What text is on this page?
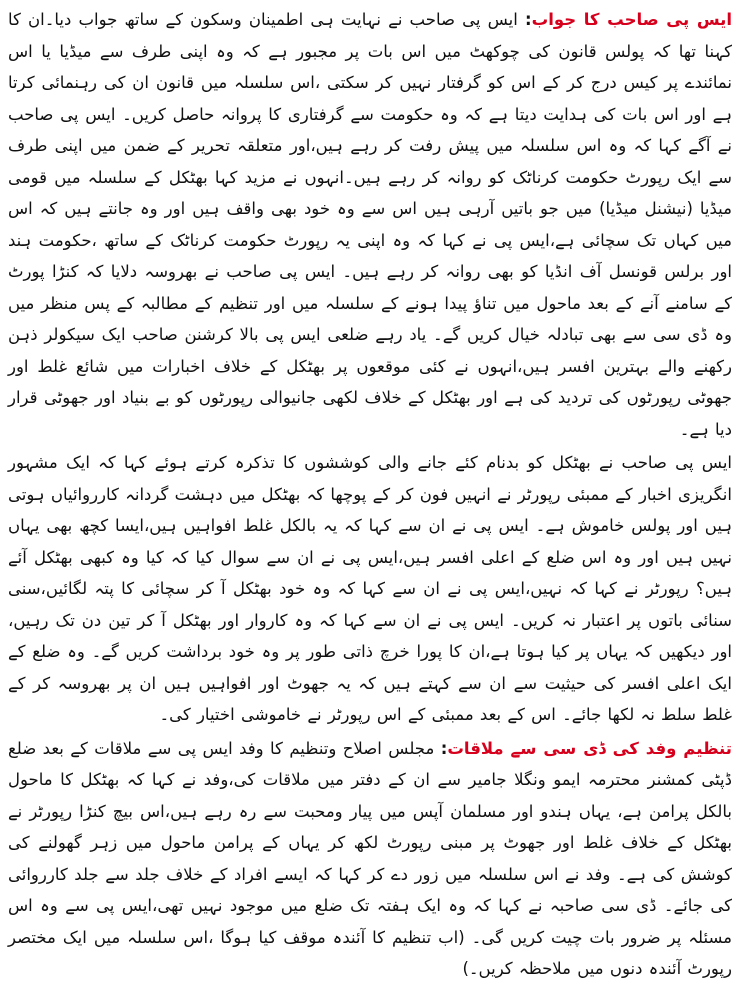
ایس پی صاحب کا جواب: ایس پی صاحب نے نہایت ہی اطمینان وسکون کے ساتھ جواب دیا۔ان کا کہنا تھا کہ پولس قانون کی چوکھٹ میں اس بات پر مجبور ہے کہ وہ اپنی طرف سے میڈیا یا اس نمائندے پر کیس درج کر کے اس کو گرفتار نہیں کر سکتی ،اس سلسلہ میں قانون ان کی رہنمائی کرتا ہے اور اس بات کی ہدایت دیتا ہے کہ وہ حکومت سے گرفتاری کا پروانہ حاصل کریں۔ ایس پی صاحب نے آگے کہا کہ وہ اس سلسلہ میں پیش رفت کر رہے ہیں،اور متعلقہ تحریر کے ضمن میں اپنی طرف سے ایک رپورٹ حکومت کرناٹک کو روانہ کر رہے ہیں۔انہوں نے مزید کہا بھٹکل کے سلسلہ میں قومی میڈیا (نیشنل میڈیا) میں جو باتیں آرہی ہیں اس سے وہ خود بھی واقف ہیں اور وہ جانتے ہیں کہ اس میں کہاں تک سچائی ہے،ایس پی نے کہا کہ وہ اپنی یہ رپورٹ حکومت کرناٹک کے ساتھ ،حکومت ہند اور برلس قونسل آف انڈیا کو بھی روانہ کر رہے ہیں۔ ایس پی صاحب نے بھروسہ دلایا کہ کنڑا پورٹ کے سامنے آنے کے بعد ماحول میں تناؤ پیدا ہونے کے سلسلہ میں اور تنظیم کے مطالبہ کے پس منظر میں وہ ڈی سی سے بھی تبادلہ خیال کریں گے۔ یاد رہے ضلعی ایس پی بالا کرشنن صاحب ایک سیکولر ذہن رکھنے والے بہترین افسر ہیں،انہوں نے کئی موقعوں پر بھٹکل کے خلاف اخبارات میں شائع غلط اور جھوٹی رپورٹوں کی تردید کی ہے اور بھٹکل کے خلاف لکھی جانیوالی رپورٹوں کو بے بنیاد اور جھوٹی قرار دیا ہے۔

ایس پی صاحب نے بھٹکل کو بدنام کئے جانے والی کوششوں کا تذکرہ کرتے ہوئے کہا کہ ایک مشہور انگریزی اخبار کے ممبئی رپورٹر نے انہیں فون کر کے پوچھا کہ بھٹکل میں دہشت گردانہ کارروائیاں ہوتی ہیں اور پولس خاموش ہے۔ ایس پی نے ان سے کہا کہ یہ بالکل غلط افواہیں ہیں،ایسا کچھ بھی یہاں نہیں ہیں اور وہ اس ضلع کے اعلی افسر ہیں،ایس پی نے ان سے سوال کیا کہ کیا وہ کبھی بھٹکل آئے ہیں؟ رپورٹر نے کہا کہ نہیں،ایس پی نے ان سے کہا کہ وہ خود بھٹکل آ کر سچائی کا پتہ لگائیں،سنی سنائی باتوں پر اعتبار نہ کریں۔ ایس پی نے ان سے کہا کہ وہ کاروار اور بھٹکل آ کر تین دن تک رہیں، اور دیکھیں کہ یہاں پر کیا ہوتا ہے،ان کا پورا خرچ ذاتی طور پر وہ خود برداشت کریں گے۔ وہ ضلع کے ایک اعلی افسر کی حیثیت سے ان سے کہتے ہیں کہ یہ جھوٹ اور افواہیں ہیں ان پر بھروسہ کر کے غلط سلط نہ لکھا جائے۔ اس کے بعد ممبئی کے اس رپورٹر نے خاموشی اختیار کی۔

تنظیم وفد کی ڈی سی سے ملاقات: مجلس اصلاح وتنظیم کا وفد ایس پی سے ملاقات کے بعد ضلع ڈپٹی کمشنر محترمہ ایمو ونگلا جامیر سے ان کے دفتر میں ملاقات کی،وفد نے کہا کہ بھٹکل کا ماحول بالکل پرامن ہے، یہاں ہندو اور مسلمان آپس میں پیار ومحبت سے رہ رہے ہیں،اس بیچ کنڑا رپورٹر نے بھٹکل کے خلاف غلط اور جھوٹ پر مبنی رپورٹ لکھ کر یہاں کے پرامن ماحول میں زہر گھولنے کی کوشش کی ہے۔ وفد نے اس سلسلہ میں زور دے کر کہا کہ ایسے افراد کے خلاف جلد سے جلد کارروائی کی جائے۔ ڈی سی صاحبہ نے کہا کہ وہ ایک ہفتہ تک ضلع میں موجود نہیں تھی،ایس پی سے وہ اس مسئلہ پر ضرور بات چیت کریں گی۔ (اب تنظیم کا آئندہ موقف کیا ہوگا ،اس سلسلہ میں ایک مختصر رپورٹ آئندہ دنوں میں ملاحظہ کریں۔)
